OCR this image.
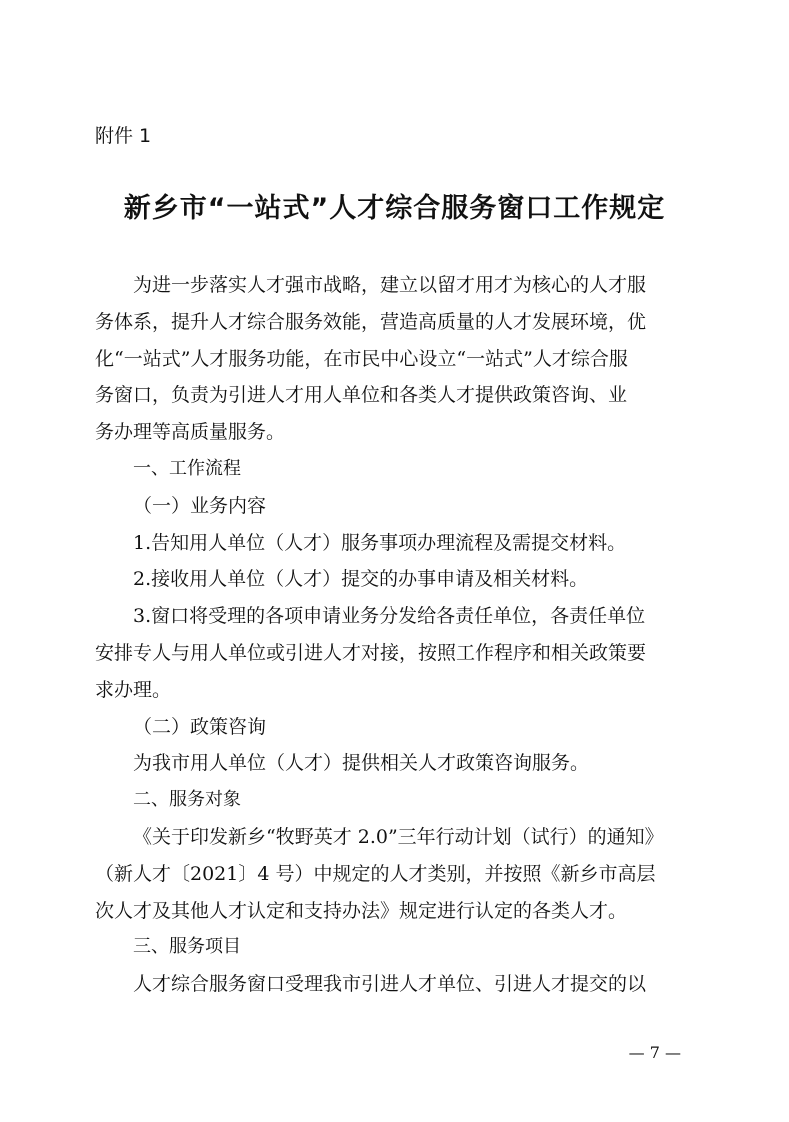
附件 1
新乡市“一站式”人才综合服务窗口工作规定
为进一步落实人才强市战略，建立以留才用才为核心的人才服
务体系，提升人才综合服务效能，营造高质量的人才发展环境，优
化“一站式”人才服务功能，在市民中心设立“一站式”人才综合服
务窗口，负责为引进人才用人单位和各类人才提供政策咨询、业
务办理等高质量服务。
一、工作流程
（一）业务内容
1.告知用人单位（人才）服务事项办理流程及需提交材料。
2.接收用人单位（人才）提交的办事申请及相关材料。
3.窗口将受理的各项申请业务分发给各责任单位，各责任单位
安排专人与用人单位或引进人才对接，按照工作程序和相关政策要
求办理。
（二）政策咨询
为我市用人单位（人才）提供相关人才政策咨询服务。
二、服务对象
《关于印发新乡“牧野英才 2.0”三年行动计划（试行）的通知》
（新人才〔2021〕4 号）中规定的人才类别，并按照《新乡市高层
次人才及其他人才认定和支持办法》规定进行认定的各类人才。
三、服务项目
人才综合服务窗口受理我市引进人才单位、引进人才提交的以
— 7 —
